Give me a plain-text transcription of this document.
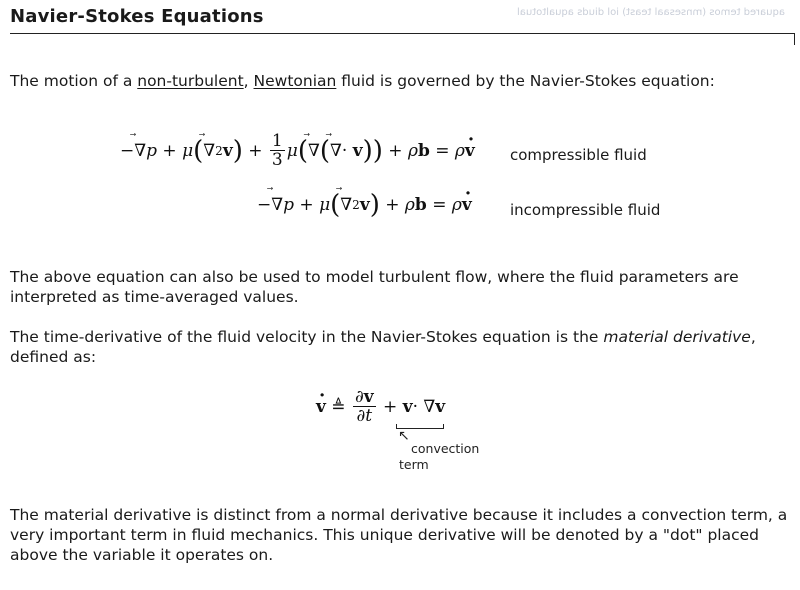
aquared temos (mnsesaal teast) iol diuds aqualtotual
Navier-Stokes Equations

The motion of a non-turbulent, Newtonian fluid is governed by the Navier-Stokes equation:

− ⃗ ∇ p + μ ( ⃗ ∇ 2 v ) + $\frac{1}{3}$ μ ( ⃗ ∇ ( ⃗ ∇ · v ) ) + ρ b = ρ · v compressible fluid
− ⃗ ∇ p + μ ( ⃗ ∇ 2 v ) + ρ b = ρ · v	incompressible fluid

The above equation can also be used to model turbulent flow, where the fluid parameters are interpreted as time-averaged values.

The time-derivative of the fluid velocity in the Navier-Stokes equation is the material derivative, defined as:

· v ≜ $\frac{\partial v}{\partial t} + v$ · ∇ v
↖
convection
term

The material derivative is distinct from a normal derivative because it includes a convection term, a very important term in fluid mechanics. This unique derivative will be denoted by a "dot" placed above the variable it operates on.
